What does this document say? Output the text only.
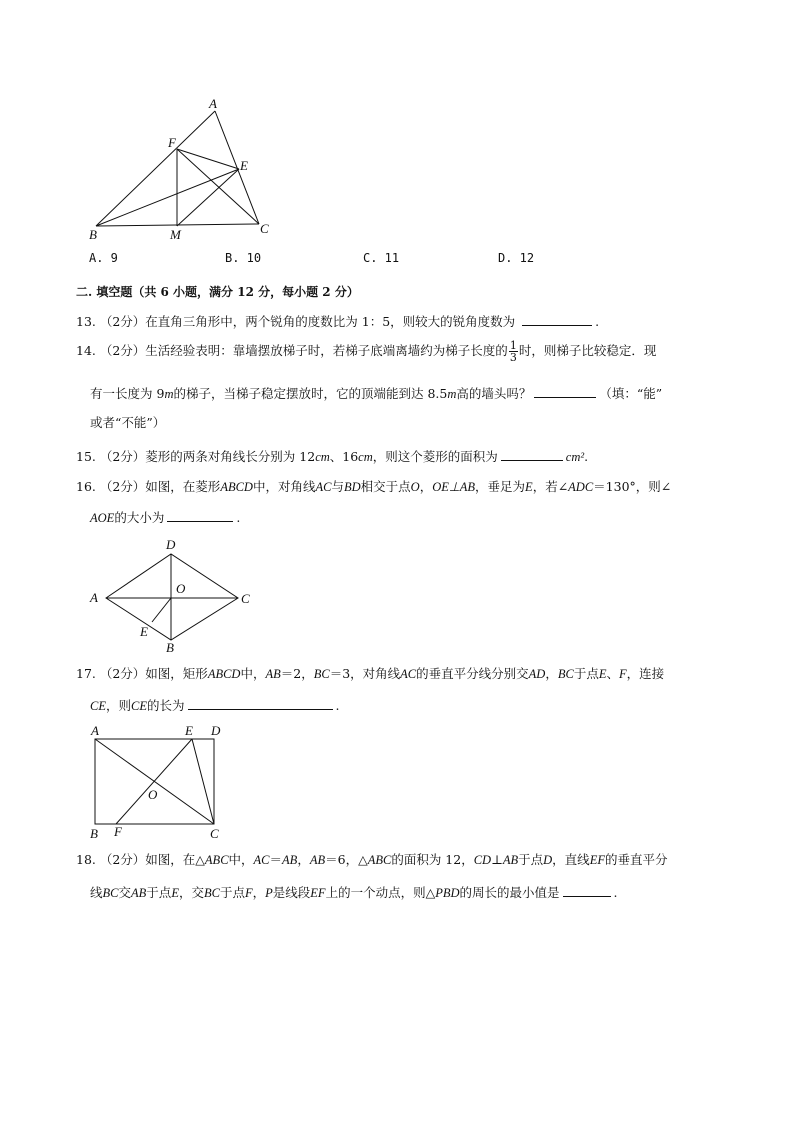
A
F
E
B	M	C
A. 9	B. 10	C. 11	D. 12
二. 填空题（共 6 小题，满分 12 分，每小题 2 分）
13. （2分）在直角三角形中，两个锐角的度数比为 1：5，则较大的锐角度数为	.
14. （2分）生活经验表明：靠墙摆放梯子时，若梯子底端离墙约为梯子长度的 $\frac{1}{3}$ 时，则梯子比较稳定．现
有一长度为 9m的梯子，当梯子稳定摆放时，它的顶端能到达 8.5m高的墙头吗？	（填：“能”
或者“不能”）
15. （2分）菱形的两条对角线长分别为 12cm、16cm，则这个菱形的面积为	cm².
16. （2分）如图，在菱形ABCD中，对角线AC与BD相交于点O，OE⊥AB，垂足为E，若∠ADC＝130°，则∠
AOE的大小为	.
D
A
O
C
E
B
17. （2分）如图，矩形ABCD中，AB＝2，BC＝3，对角线AC的垂直平分线分别交AD，BC于点E、F，连接
CE，则CE的长为	.
A	E D
O
B F	C
18. （2分）如图，在△ABC中，AC＝AB，AB＝6，△ABC的面积为 12，CD⊥AB于点D，直线EF的垂直平分
线BC交AB于点E，交BC于点F，P是线段EF上的一个动点，则△PBD的周长的最小值是	.
